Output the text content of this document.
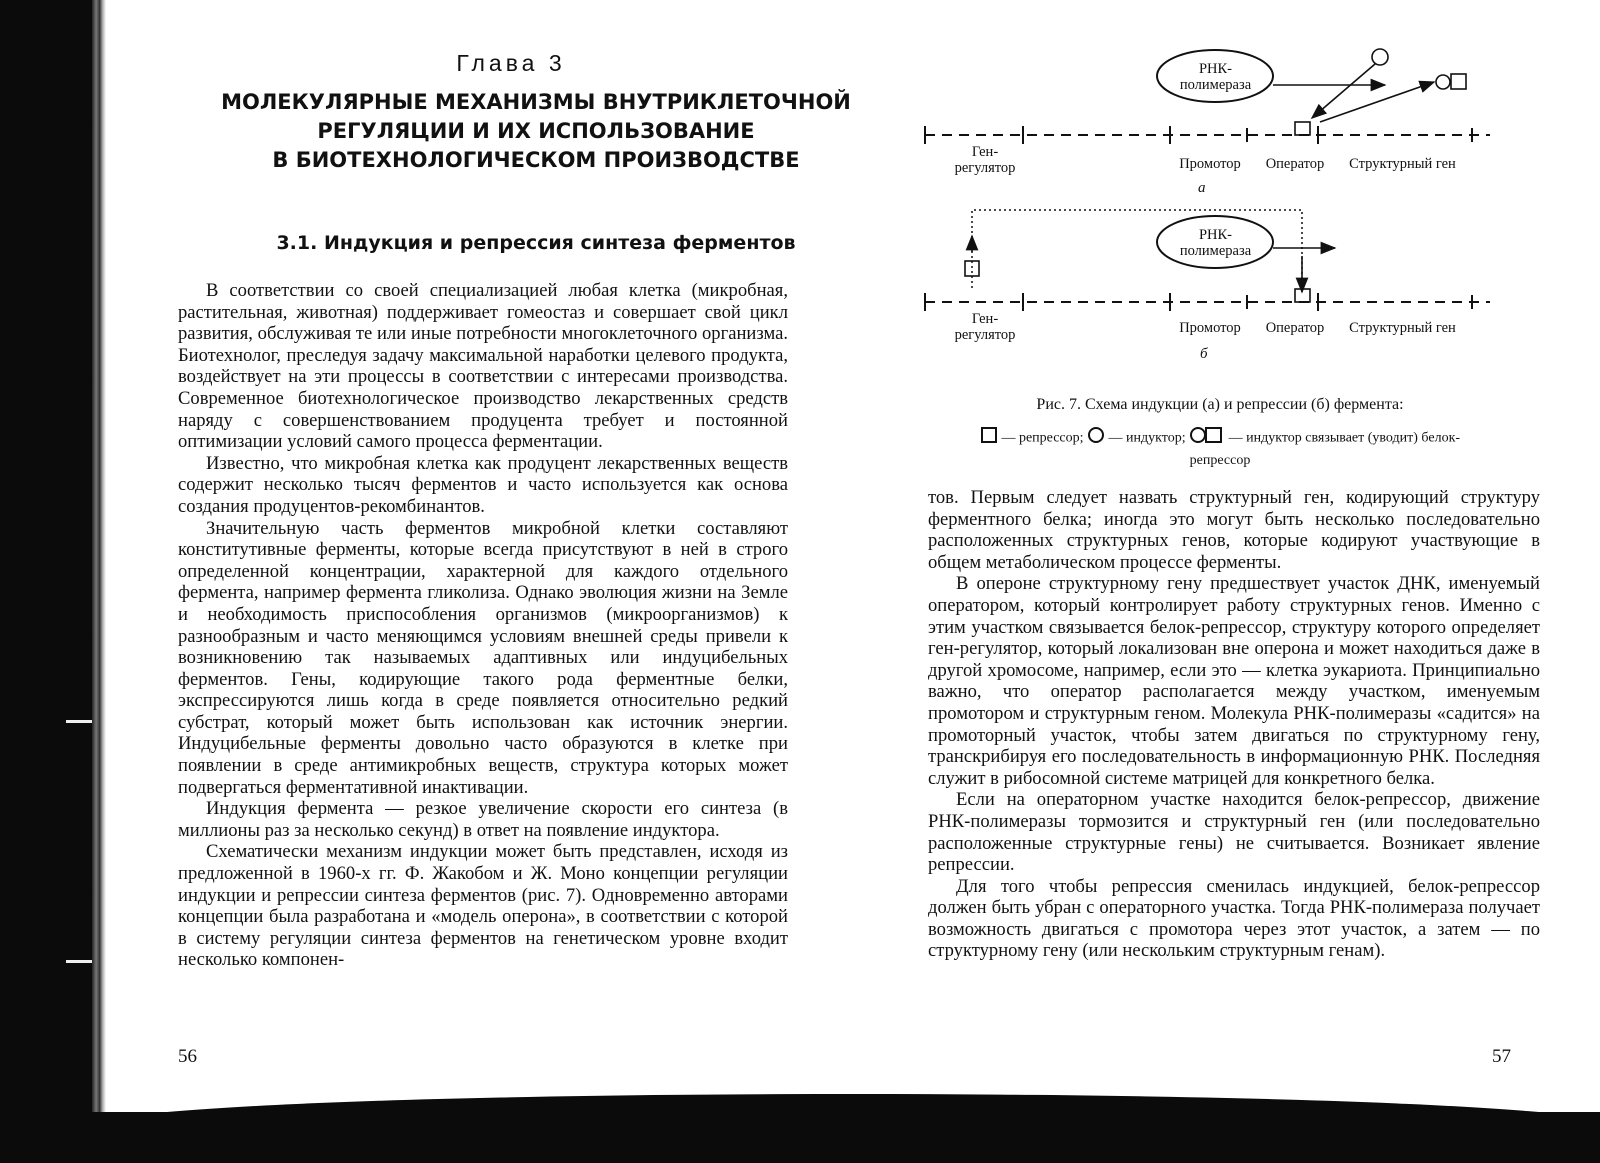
Глава 3
МОЛЕКУЛЯРНЫЕ МЕХАНИЗМЫ ВНУТРИКЛЕТОЧНОЙ
РЕГУЛЯЦИИ И ИХ ИСПОЛЬЗОВАНИЕ
В БИОТЕХНОЛОГИЧЕСКОМ ПРОИЗВОДСТВЕ
3.1. Индукция и репрессия синтеза ферментов

В соответствии со своей специализацией любая клетка (микробная, растительная, животная) поддерживает гомеостаз и совершает свой цикл развития, обслуживая те или иные потребности многоклеточного организма. Биотехнолог, преследуя задачу максимальной наработки целевого продукта, воздействует на эти процессы в соответствии с интересами производства. Современное биотехнологическое производство лекарственных средств наряду с совершенствованием продуцента требует и постоянной оптимизации условий самого процесса ферментации.

Известно, что микробная клетка как продуцент лекарственных веществ содержит несколько тысяч ферментов и часто используется как основа создания продуцентов-рекомбинантов.

Значительную часть ферментов микробной клетки составляют конститутивные ферменты, которые всегда присутствуют в ней в строго определенной концентрации, характерной для каждого отдельного фермента, например фермента гликолиза. Однако эволюция жизни на Земле и необходимость приспособления организмов (микроорганизмов) к разнообразным и часто меняющимся условиям внешней среды привели к возникновению так называемых адаптивных или индуцибельных ферментов. Гены, кодирующие такого рода ферментные белки, экспрессируются лишь когда в среде появляется относительно редкий субстрат, который может быть использован как источник энергии. Индуцибельные ферменты довольно часто образуются в клетке при появлении в среде антимикробных веществ, структура которых может подвергаться ферментативной инактивации.

Индукция фермента — резкое увеличение скорости его синтеза (в миллионы раз за несколько секунд) в ответ на появление индуктора.

Схематически механизм индукции может быть представлен, исходя из предложенной в 1960-х гг. Ф. Жакобом и Ж. Моно концепции регуляции индукции и репрессии синтеза ферментов (рис. 7). Одновременно авторами концепции была разработана и «модель оперона», в соответствии с которой в систему регуляции синтеза ферментов на генетическом уровне входит несколько компонен-

56
РНК-
полимераза
Ген-
регулятор	Промотор	Оператор	Структурный ген
а
РНК-
полимераза
Ген-
регулятор	Промотор	Оператор	Структурный ген
б
Рис. 7. Схема индукции (а) и репрессии (б) фермента:
— репрессор; — индуктор;	— индуктор связывает (уводит) белок-
репрессор

тов. Первым следует назвать структурный ген, кодирующий структуру ферментного белка; иногда это могут быть несколько последовательно расположенных структурных генов, которые кодируют участвующие в общем метаболическом процессе ферменты.

В опероне структурному гену предшествует участок ДНК, именуемый оператором, который контролирует работу структурных генов. Именно с этим участком связывается белок-репрессор, структуру которого определяет ген-регулятор, который локализован вне оперона и может находиться даже в другой хромосоме, например, если это — клетка эукариота. Принципиально важно, что оператор располагается между участком, именуемым промотором и структурным геном. Молекула РНК-полимеразы «садится» на промоторный участок, чтобы затем двигаться по структурному гену, транскрибируя его последовательность в информационную РНК. Последняя служит в рибосомной системе матрицей для конкретного белка.

Если на операторном участке находится белок-репрессор, движение РНК-полимеразы тормозится и структурный ген (или последовательно расположенные структурные гены) не считывается. Возникает явление репрессии.

Для того чтобы репрессия сменилась индукцией, белок-репрессор должен быть убран с операторного участка. Тогда РНК-полимераза получает возможность двигаться с промотора через этот участок, а затем — по структурному гену (или нескольким структурным генам).

57
